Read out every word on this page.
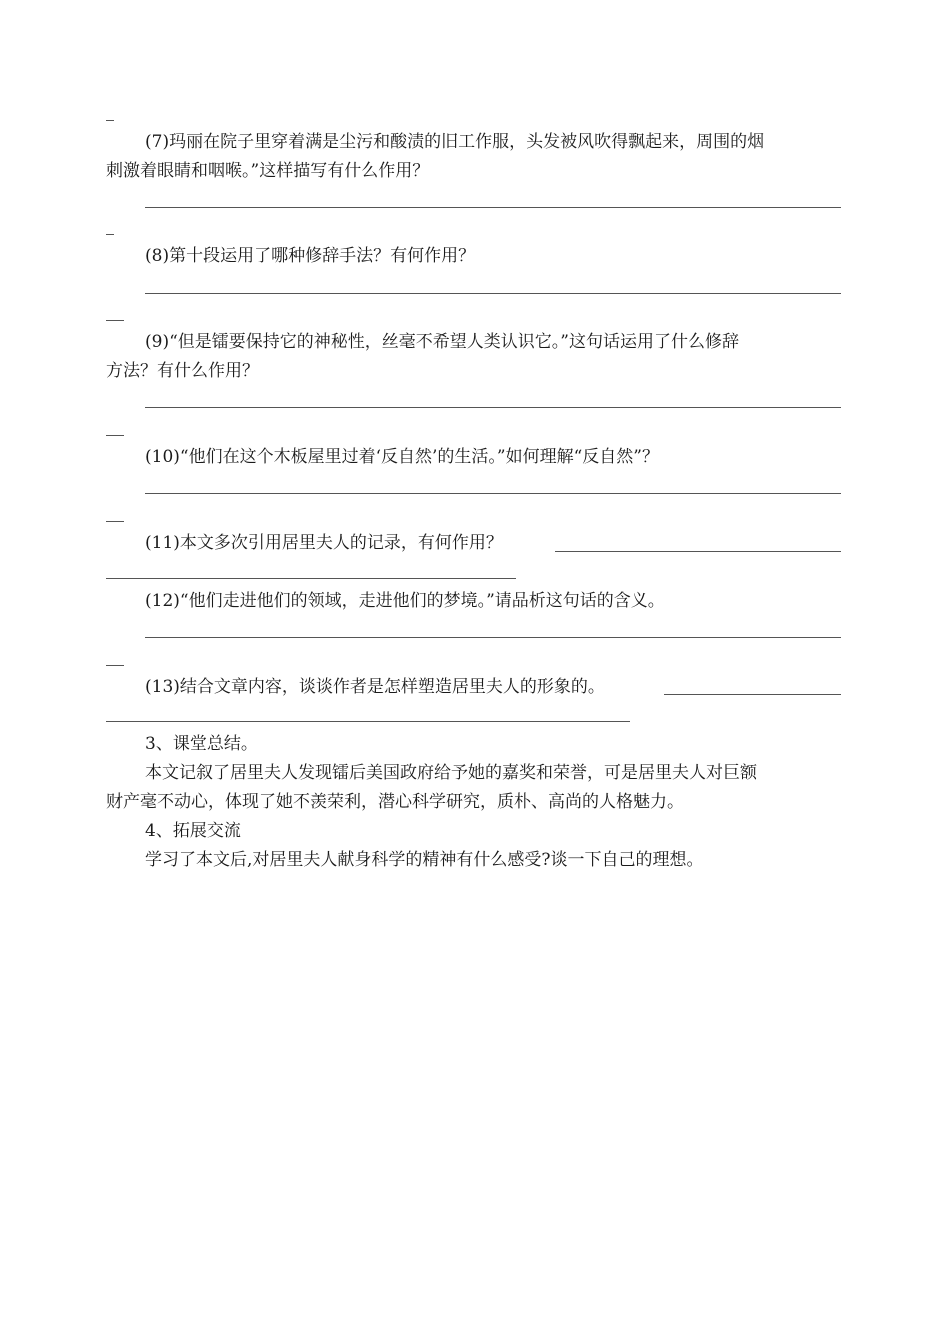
(7)玛丽在院子里穿着满是尘污和酸渍的旧工作服，头发被风吹得飘起来，周围的烟
刺激着眼睛和咽喉。”这样描写有什么作用？
(8)第十段运用了哪种修辞手法？有何作用？
(9)“但是镭要保持它的神秘性，丝毫不希望人类认识它。”这句话运用了什么修辞
方法？有什么作用？
(10)“他们在这个木板屋里过着‘反自然’的生活。”如何理解“反自然”？
(11)本文多次引用居里夫人的记录，有何作用？
(12)“他们走进他们的领域，走进他们的梦境。”请品析这句话的含义。
(13)结合文章内容，谈谈作者是怎样塑造居里夫人的形象的。
3、课堂总结。
本文记叙了居里夫人发现镭后美国政府给予她的嘉奖和荣誉，可是居里夫人对巨额
财产毫不动心，体现了她不羡荣利，潜心科学研究，质朴、高尚的人格魅力。
4、拓展交流
学习了本文后,对居里夫人献身科学的精神有什么感受?谈一下自己的理想。
